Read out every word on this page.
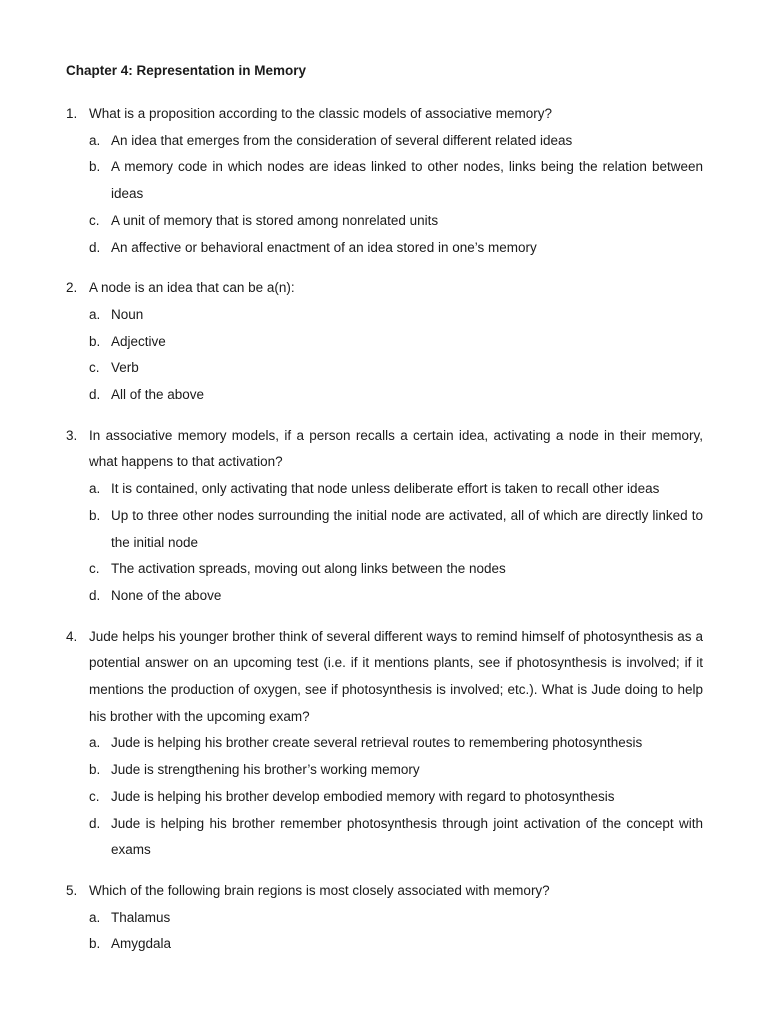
Chapter 4: Representation in Memory
1. What is a proposition according to the classic models of associative memory?
a. An idea that emerges from the consideration of several different related ideas
b. A memory code in which nodes are ideas linked to other nodes, links being the relation between ideas
c. A unit of memory that is stored among nonrelated units
d. An affective or behavioral enactment of an idea stored in one’s memory
2. A node is an idea that can be a(n):
a. Noun
b. Adjective
c. Verb
d. All of the above
3. In associative memory models, if a person recalls a certain idea, activating a node in their memory, what happens to that activation?
a. It is contained, only activating that node unless deliberate effort is taken to recall other ideas
b. Up to three other nodes surrounding the initial node are activated, all of which are directly linked to the initial node
c. The activation spreads, moving out along links between the nodes
d. None of the above
4. Jude helps his younger brother think of several different ways to remind himself of photosynthesis as a potential answer on an upcoming test (i.e. if it mentions plants, see if photosynthesis is involved; if it mentions the production of oxygen, see if photosynthesis is involved; etc.). What is Jude doing to help his brother with the upcoming exam?
a. Jude is helping his brother create several retrieval routes to remembering photosynthesis
b. Jude is strengthening his brother’s working memory
c. Jude is helping his brother develop embodied memory with regard to photosynthesis
d. Jude is helping his brother remember photosynthesis through joint activation of the concept with exams
5. Which of the following brain regions is most closely associated with memory?
a. Thalamus
b. Amygdala
